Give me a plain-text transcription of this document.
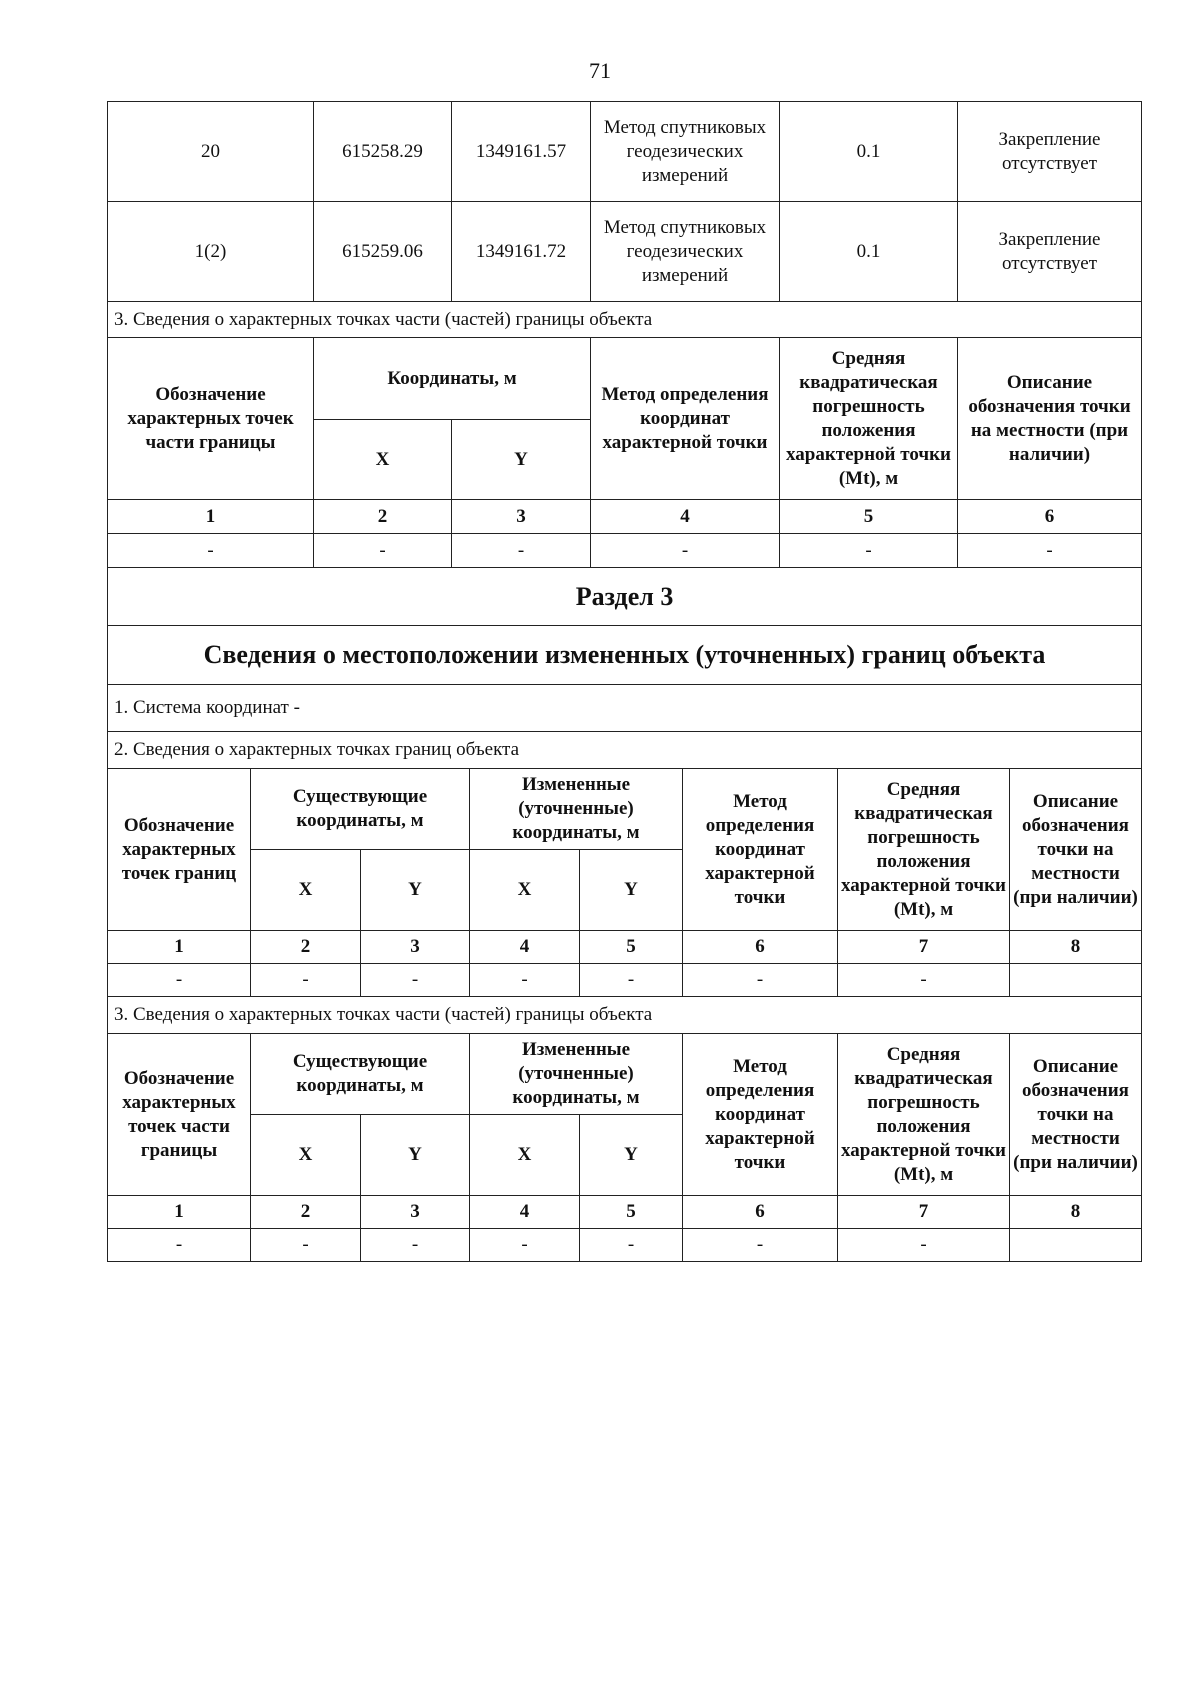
71
20	615258.29	1349161.57	Метод спутниковых геодезических измерений	0.1	Закрепление отсутствует
1(2)	615259.06	1349161.72	Метод спутниковых геодезических измерений	0.1	Закрепление отсутствует
3. Сведения о характерных точках части (частей) границы объекта					
Обозначение характерных точек части границы	Координаты, м		Метод определения координат характерной точки	Средняя квадратическая погрешность положения характерной точки (Mt), м	Описание обозначения точки на местности (при наличии)
	X	Y			
1	2	3	4	5	6
-	-	-	-	-	-
Раздел 3							
Сведения о местоположении измененных (уточненных) границ объекта							
1. Система координат -							
2. Сведения о характерных точках границ объекта							
Обозначение характерных точек границ	Существующие координаты, м		Измененные (уточненные) координаты, м		Метод определения координат характерной точки	Средняя квадратическая погрешность положения характерной точки (Mt), м	Описание обозначения точки на местности (при наличии)
	X	Y	X	Y			
1	2	3	4	5	6	7	8
-	-	-	-	-	-	-	
3. Сведения о характерных точках части (частей) границы объекта							
Обозначение характерных точек части границы	Существующие координаты, м		Измененные (уточненные) координаты, м		Метод определения координат характерной точки	Средняя квадратическая погрешность положения характерной точки (Mt), м	Описание обозначения точки на местности (при наличии)
	X	Y	X	Y			
1	2	3	4	5	6	7	8
-	-	-	-	-	-	-	
